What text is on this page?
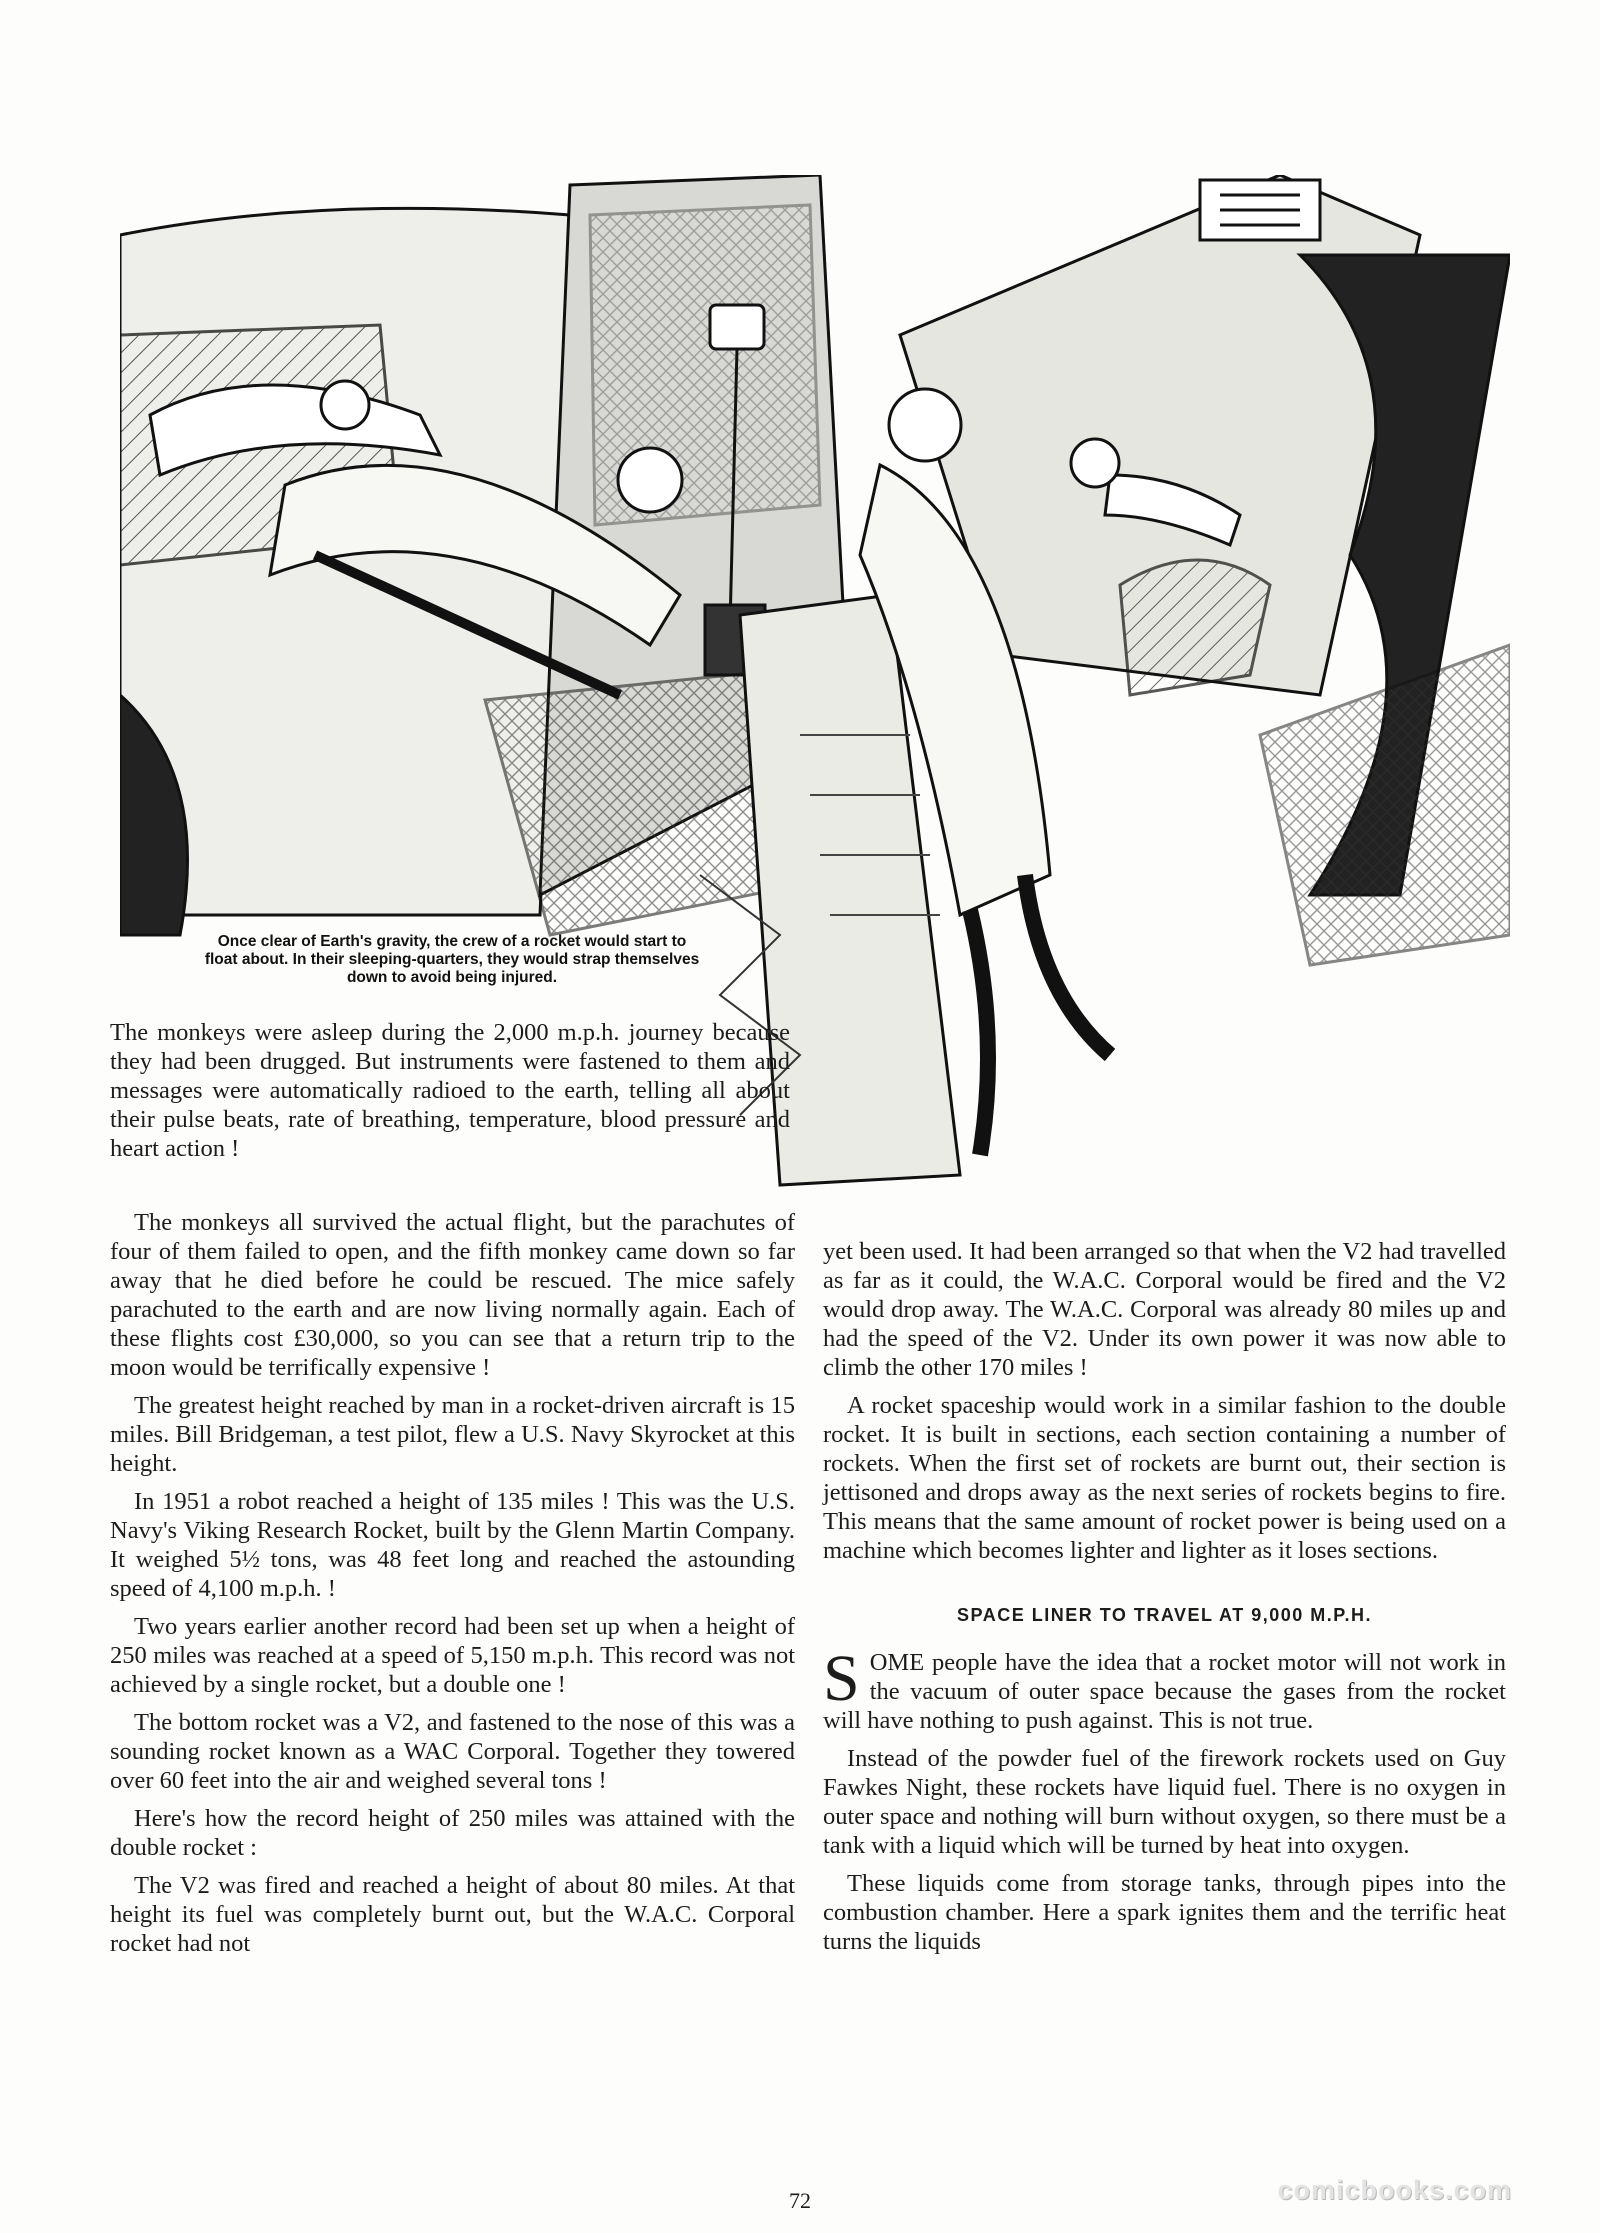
Once clear of Earth's gravity, the crew of a rocket would start to
float about. In their sleeping-quarters, they would strap themselves
down to avoid being injured.

The monkeys were asleep during the 2,000 m.p.h. journey because they had been drugged. But instruments were fastened to them and messages were automatically radioed to the earth, telling all about their pulse beats, rate of breathing, temperature, blood pressure and heart action !

The monkeys all survived the actual flight, but the parachutes of four of them failed to open, and the fifth monkey came down so far away that he died before he could be rescued. The mice safely parachuted to the earth and are now living normally again. Each of these flights cost £30,000, so you can see that a return trip to the moon would be terrifically expensive !

The greatest height reached by man in a rocket-driven aircraft is 15 miles. Bill Bridgeman, a test pilot, flew a U.S. Navy Skyrocket at this height.

In 1951 a robot reached a height of 135 miles ! This was the U.S. Navy's Viking Research Rocket, built by the Glenn Martin Company. It weighed 5½ tons, was 48 feet long and reached the astounding speed of 4,100 m.p.h. !

Two years earlier another record had been set up when a height of 250 miles was reached at a speed of 5,150 m.p.h. This record was not achieved by a single rocket, but a double one !

The bottom rocket was a V2, and fastened to the nose of this was a sounding rocket known as a WAC Corporal. Together they towered over 60 feet into the air and weighed several tons !

Here's how the record height of 250 miles was attained with the double rocket :

The V2 was fired and reached a height of about 80 miles. At that height its fuel was completely burnt out, but the W.A.C. Corporal rocket had not

yet been used. It had been arranged so that when the V2 had travelled as far as it could, the W.A.C. Corporal would be fired and the V2 would drop away. The W.A.C. Corporal was already 80 miles up and had the speed of the V2. Under its own power it was now able to climb the other 170 miles !

A rocket spaceship would work in a similar fashion to the double rocket. It is built in sections, each section containing a number of rockets. When the first set of rockets are burnt out, their section is jettisoned and drops away as the next series of rockets begins to fire. This means that the same amount of rocket power is being used on a machine which becomes lighter and lighter as it loses sections.

SPACE LINER TO TRAVEL AT 9,000 M.P.H.

SOME people have the idea that a rocket motor will not work in the vacuum of outer space because the gases from the rocket will have nothing to push against. This is not true.

Instead of the powder fuel of the firework rockets used on Guy Fawkes Night, these rockets have liquid fuel. There is no oxygen in outer space and nothing will burn without oxygen, so there must be a tank with a liquid which will be turned by heat into oxygen.

These liquids come from storage tanks, through pipes into the combustion chamber. Here a spark ignites them and the terrific heat turns the liquids

72	comicbooks.com
